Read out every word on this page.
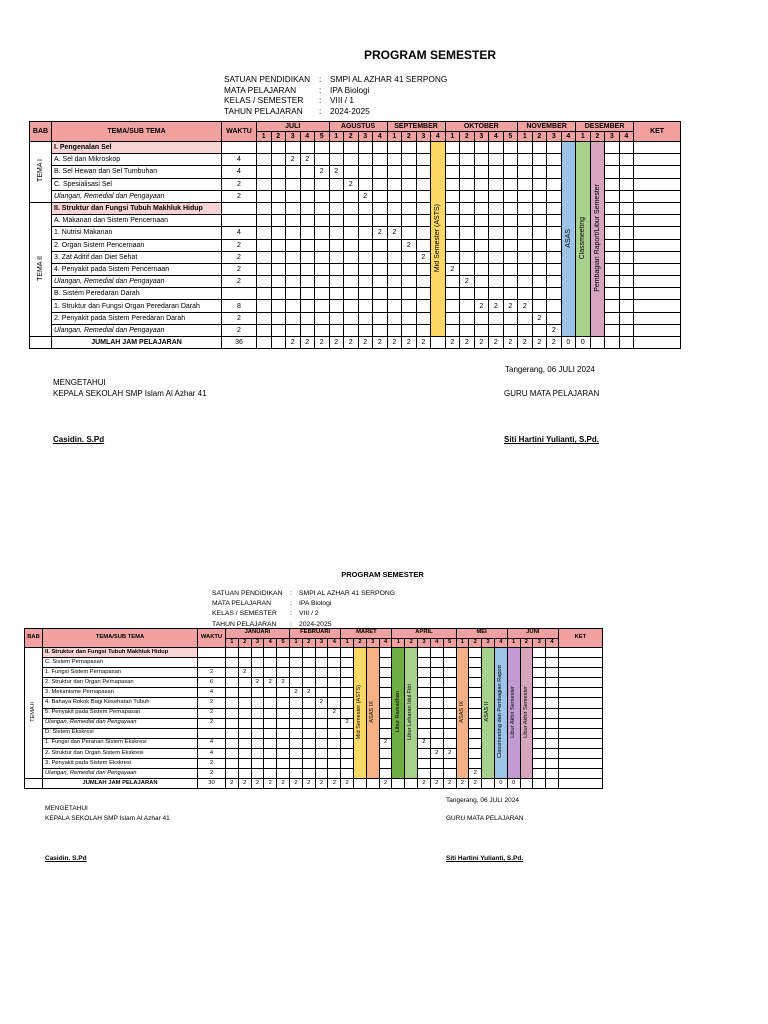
PROGRAM SEMESTER
SATUAN PENDIDIKAN	:	SMPI AL AZHAR 41 SERPONG
MATA PELAJARAN	:	IPA Biologi
KELAS / SEMESTER	:	VIII / 1
TAHUN PELAJARAN	:	2024-2025
BAB	TEMA/SUB TEMA	WAKTU	JULI					AGUSTUS				SEPTEMBER				OKTOBER					NOVEMBER				DESEMBER				KET
			1	2	3	4	5	1	2	3	4	1	2	3	4	1	2	3	4	5	1	2	3	4	1	2	3	4	
TEMA I	I. Pengenalan Sel														Mid Semester (ASTS)									ASAS	Classmeeting	Pembagian Raport/Libur Semester			
	A. Sel dan Mikroskop	4			2	2																							
	B. Sel Hewan dan Sel Tumbuhan	4					2	2																					
	C. Spesialisasi Sel	2							2																				
	Ulangan, Remedial dan Pengayaan	2								2																			
TEMA II	II. Struktur dan Fungsi Tubuh Makhluk Hidup																												
	A. Makanan dan Sistem Pencernaan																												
	1. Nutrisi Makanan	4									2	2																	
	2. Organ Sistem Pencernaan	2											2																
	3. Zat Aditif dan Diet Sehat	2												2															
	4. Penyakit pada Sistem Pencernaan	2														2													
	Ulangan, Remedial dan Pengayaan	2															2												
	B. Sistem Peredaran Darah																												
	1. Struktur dan Fungsi Organ Peredaran Darah	8																2	2	2	2								
	2. Penyakit pada Sistem Peredaran Darah	2																				2							
	Ulangan, Remedial dan Pengayaan	2																					2						
	JUMLAH JAM PELAJARAN	36			2	2	2	2	2	2	2	2	2	2		2	2	2	2	2	2	2	2	0	0				
Tangerang, 06 JULI 2024
MENGETAHUI
KEPALA SEKOLAH SMP Islam Al Azhar 41	GURU MATA PELAJARAN
Casidin. S.Pd	Siti Hartini Yulianti, S.Pd.
PROGRAM SEMESTER
SATUAN PENDIDIKAN	:	SMPI AL AZHAR 41 SERPONG
MATA PELAJARAN	:	IPA Biologi
KELAS / SEMESTER	:	VIII / 2
TAHUN PELAJARAN	:	2024-2025
BAB	TEMA/SUB TEMA	WAKTU	JANUARI					FEBRUARI				MARET				APRIL					MEI				JUNI				KET
			1	2	3	4	5	1	2	3	4	1	2	3	4	1	2	3	4	5	1	2	3	4	1	2	3	4	
TEMA II	II. Struktur dan Fungsi Tubuh Makhluk Hidup												Mid Semester (ASTS)	ASAS IX		Libur Ramadhan	Libur Lebaran Idul Fitri				ASAS IX		ASAS II	Classmeeting dan Pembagian Raport	Libur Akhir Semester	Libur Akhir Semester			
	C. Sistem Pernapasan																												
	1. Fungsi Sistem Pernapasan	2		2																									
	2. Struktur dan Organ Pernapasan	6			2	2	2																						
	3. Mekanisme Pernapasan	4						2	2																				
	4. Bahaya Rokok Bagi Kesehatan Tubuh	2								2																			
	5. Penyakit pada Sistem Pernapasan	2									2																		
	Ulangan, Remedial dan Pengayaan	2										2																	
	D. Sistem Ekskresi																												
	1. Fungsi dan Peranan Sistem Ekskresi	4													2			2											
	2. Struktur dan Organ Sistem Ekskresi	4																	2	2									
	3. Penyakit pada Sistem Ekskresi	2																											
	Ulangan, Remedial dan Pengayaan	2																				2							
	JUMLAH JAM PELAJARAN	30	2	2	2	2	2	2	2	2	2	2			2			2	2	2	2	2		0	0				
Tangerang, 06 JULI 2024
MENGETAHUI
KEPALA SEKOLAH SMP Islam Al Azhar 41	GURU MATA PELAJARAN
Casidin. S.Pd	Siti Hartini Yulianti, S.Pd.
